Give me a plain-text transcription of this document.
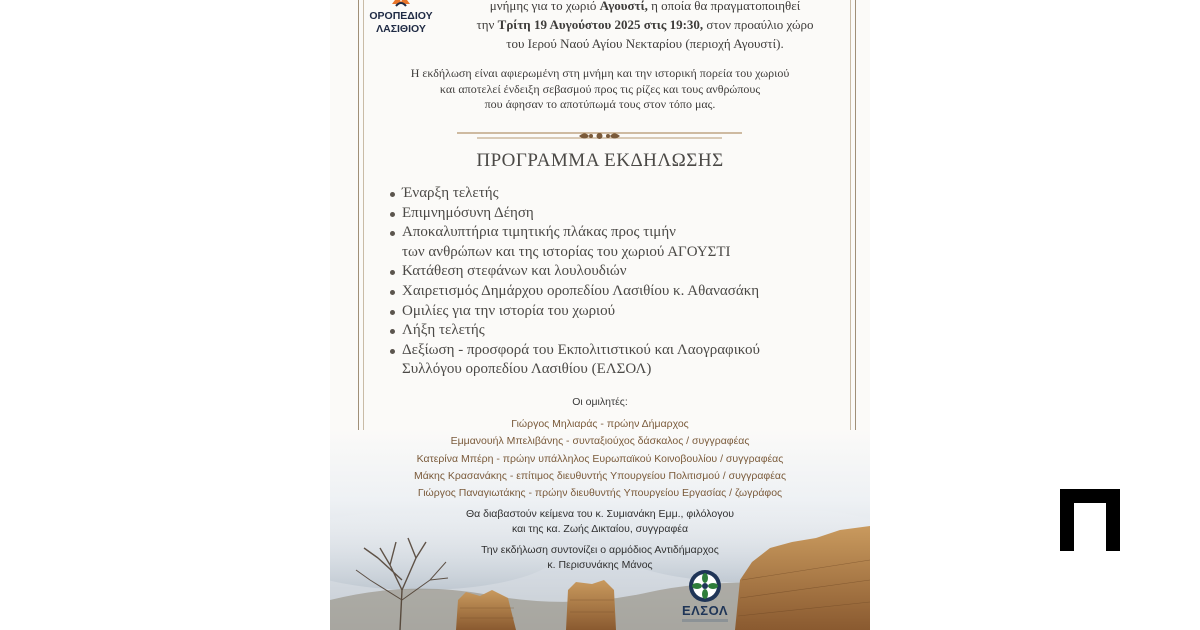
ΟΡΟΠΕΔΙΟΥ
ΛΑΣΙΘΙΟΥ
μνήμης για το χωριό Αγουστί, η οποία θα πραγματοποιηθεί
την Τρίτη 19 Αυγούστου 2025 στις 19:30, στον προαύλιο χώρο
του Ιερού Ναού Αγίου Νεκταρίου (περιοχή Αγουστί).
Η εκδήλωση είναι αφιερωμένη στη μνήμη και την ιστορική πορεία του χωριού
και αποτελεί ένδειξη σεβασμού προς τις ρίζες και τους ανθρώπους
που άφησαν το αποτύπωμά τους στον τόπο μας.
ΠΡΟΓΡΑΜΜΑ ΕΚΔΗΛΩΣΗΣ
Έναρξη τελετής
Επιμνημόσυνη Δέηση
Αποκαλυπτήρια τιμητικής πλάκας προς τιμήν
των ανθρώπων και της ιστορίας του χωριού ΑΓΟΥΣΤΙ
Κατάθεση στεφάνων και λουλουδιών
Χαιρετισμός Δημάρχου οροπεδίου Λασιθίου κ. Αθανασάκη
Ομιλίες για την ιστορία του χωριού
Λήξη τελετής
Δεξίωση - προσφορά του Εκπολιτιστικού και Λαογραφικού
Συλλόγου οροπεδίου Λασιθίου (ΕΛΣΟΛ)
Οι ομιλητές:
Γιώργος Μηλιαράς - πρώην Δήμαρχος
Εμμανουήλ Μπελιβάνης - συνταξιούχος δάσκαλος / συγγραφέας
Κατερίνα Μπέρη - πρώην υπάλληλος Ευρωπαϊκού Κοινοβουλίου / συγγραφέας
Μάκης Κρασανάκης - επίτιμος διευθυντής Υπουργείου Πολιτισμού / συγγραφέας
Γιώργος Παναγιωτάκης - πρώην διευθυντής Υπουργείου Εργασίας / ζωγράφος
Θα διαβαστούν κείμενα του κ. Συμιανάκη Εμμ., φιλόλογου
και της κα. Ζωής Δικταίου, συγγραφέα
Την εκδήλωση συντονίζει ο αρμόδιος Αντιδήμαρχος
κ. Περισυνάκης Μάνος
ΕΛΣΟΛ
